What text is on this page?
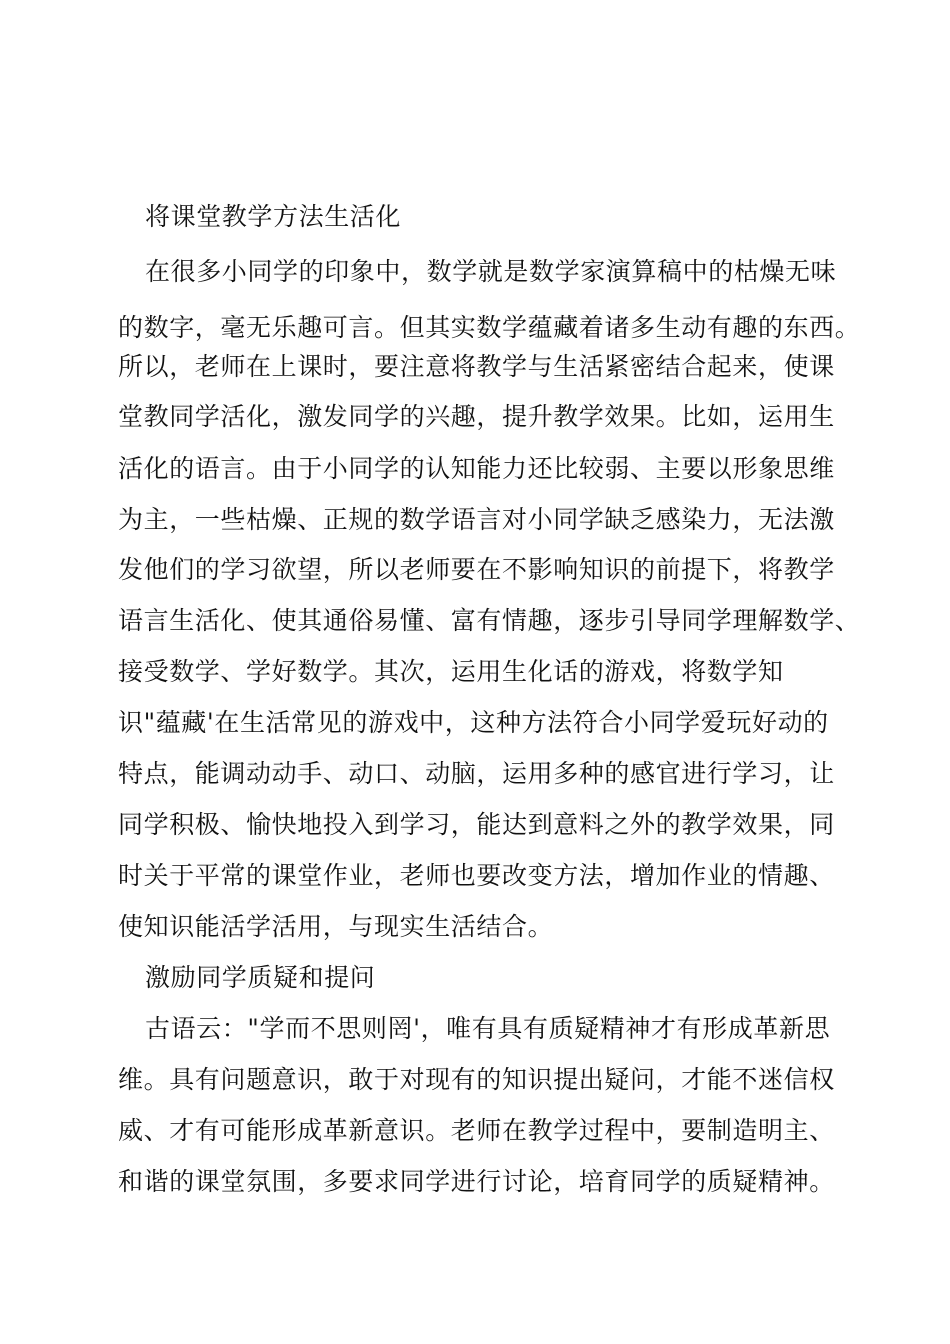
将课堂教学方法生活化
在很多小同学的印象中，数学就是数学家演算稿中的枯燥无味
的数字，毫无乐趣可言。但其实数学蕴藏着诸多生动有趣的东西。
所以，老师在上课时，要注意将教学与生活紧密结合起来，使课
堂教同学活化，激发同学的兴趣，提升教学效果。比如，运用生
活化的语言。由于小同学的认知能力还比较弱、主要以形象思维
为主，一些枯燥、正规的数学语言对小同学缺乏感染力，无法激
发他们的学习欲望，所以老师要在不影响知识的前提下，将教学
语言生活化、使其通俗易懂、富有情趣，逐步引导同学理解数学、
接受数学、学好数学。其次，运用生化话的游戏，将数学知
识"蕴藏'在生活常见的游戏中，这种方法符合小同学爱玩好动的
特点，能调动动手、动口、动脑，运用多种的感官进行学习，让
同学积极、愉快地投入到学习，能达到意料之外的教学效果，同
时关于平常的课堂作业，老师也要改变方法，增加作业的情趣、
使知识能活学活用，与现实生活结合。
激励同学质疑和提问
古语云："学而不思则罔'，唯有具有质疑精神才有形成革新思
维。具有问题意识，敢于对现有的知识提出疑问，才能不迷信权
威、才有可能形成革新意识。老师在教学过程中，要制造明主、
和谐的课堂氛围，多要求同学进行讨论，培育同学的质疑精神。
